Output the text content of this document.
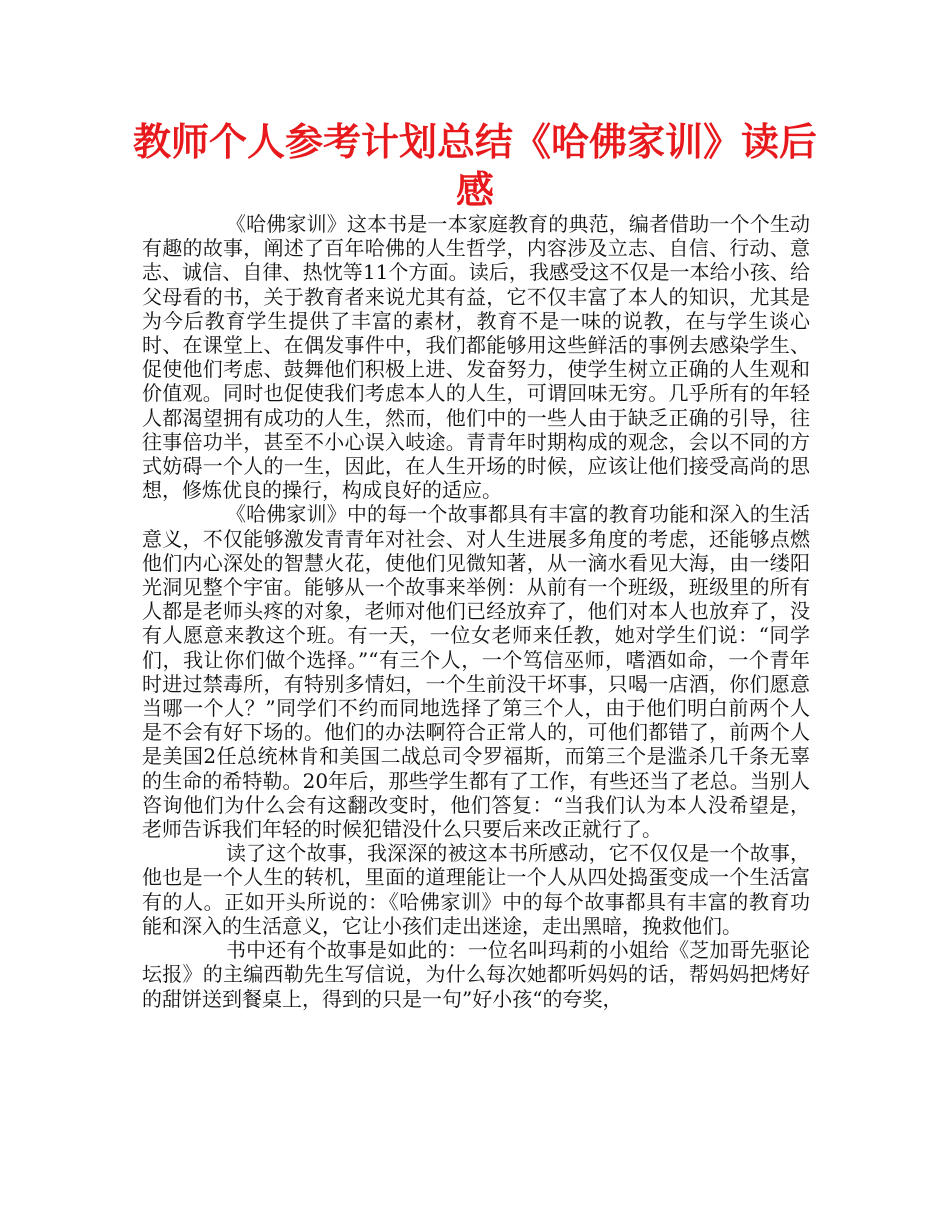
教师个人参考计划总结《哈佛家训》读后感

《哈佛家训》这本书是一本家庭教育的典范，编者借助一个个生动有趣的故事，阐述了百年哈佛的人生哲学，内容涉及立志、自信、行动、意志、诚信、自律、热忱等11个方面。读后，我感受这不仅是一本给小孩、给父母看的书，关于教育者来说尤其有益，它不仅丰富了本人的知识，尤其是为今后教育学生提供了丰富的素材，教育不是一味的说教，在与学生谈心时、在课堂上、在偶发事件中，我们都能够用这些鲜活的事例去感染学生、促使他们考虑、鼓舞他们积极上进、发奋努力，使学生树立正确的人生观和价值观。同时也促使我们考虑本人的人生，可谓回味无穷。几乎所有的年轻人都渴望拥有成功的人生，然而，他们中的一些人由于缺乏正确的引导，往往事倍功半，甚至不小心误入岐途。青青年时期构成的观念，会以不同的方式妨碍一个人的一生，因此，在人生开场的时候，应该让他们接受高尚的思想，修炼优良的操行，构成良好的适应。

《哈佛家训》中的每一个故事都具有丰富的教育功能和深入的生活意义，不仅能够激发青青年对社会、对人生进展多角度的考虑，还能够点燃他们内心深处的智慧火花，使他们见微知著，从一滴水看见大海，由一缕阳光洞见整个宇宙。能够从一个故事来举例：从前有一个班级，班级里的所有人都是老师头疼的对象，老师对他们已经放弃了，他们对本人也放弃了，没有人愿意来教这个班。有一天，一位女老师来任教，她对学生们说：“同学们，我让你们做个选择。”“有三个人，一个笃信巫师，嗜酒如命，一个青年时进过禁毒所，有特别多情妇，一个生前没干坏事，只喝一店酒，你们愿意当哪一个人？”同学们不约而同地选择了第三个人，由于他们明白前两个人是不会有好下场的。他们的办法啊符合正常人的，可他们都错了，前两个人是美国2任总统林肯和美国二战总司令罗福斯，而第三个是滥杀几千条无辜的生命的希特勒。20年后，那些学生都有了工作，有些还当了老总。当别人咨询他们为什么会有这翻改变时，他们答复：“当我们认为本人没希望是，老师告诉我们年轻的时候犯错没什么只要后来改正就行了。

读了这个故事，我深深的被这本书所感动，它不仅仅是一个故事，他也是一个人生的转机，里面的道理能让一个人从四处捣蛋变成一个生活富有的人。正如开头所说的：《哈佛家训》中的每个故事都具有丰富的教育功能和深入的生活意义，它让小孩们走出迷途，走出黑暗，挽救他们。

书中还有个故事是如此的：一位名叫玛莉的小姐给《芝加哥先驱论坛报》的主编西勒先生写信说，为什么每次她都听妈妈的话，帮妈妈把烤好的甜饼送到餐桌上，得到的只是一句”好小孩“的夸奖，
